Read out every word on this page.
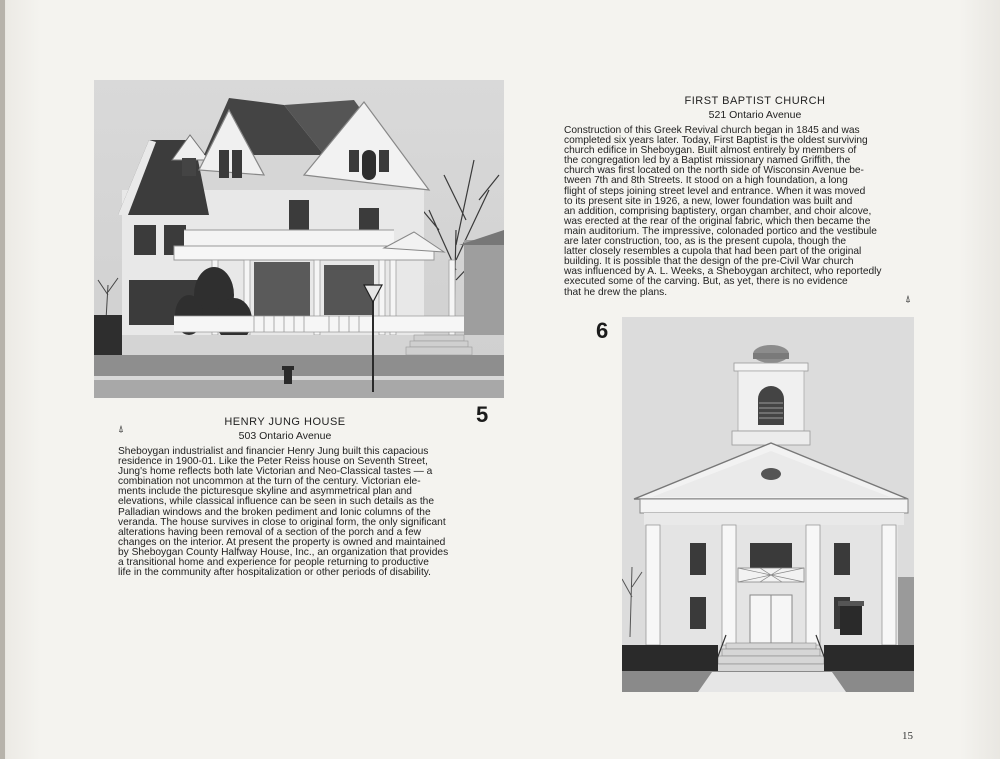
⍋
HENRY JUNG HOUSE
503 Ontario Avenue
5
Sheboygan industrialist and financier Henry Jung built this capacious
residence in 1900-01. Like the Peter Reiss house on Seventh Street,
Jung's home reflects both late Victorian and Neo-Classical tastes — a
combination not uncommon at the turn of the century. Victorian ele-
ments include the picturesque skyline and asymmetrical plan and
elevations, while classical influence can be seen in such details as the
Palladian windows and the broken pediment and Ionic columns of the
veranda. The house survives in close to original form, the only significant
alterations having been removal of a section of the porch and a few
changes on the interior. At present the property is owned and maintained
by Sheboygan County Halfway House, Inc., an organization that provides
a transitional home and experience for people returning to productive
life in the community after hospitalization or other periods of disability.
FIRST BAPTIST CHURCH
521 Ontario Avenue
Construction of this Greek Revival church began in 1845 and was
completed six years later. Today, First Baptist is the oldest surviving
church edifice in Sheboygan. Built almost entirely by members of
the congregation led by a Baptist missionary named Griffith, the
church was first located on the north side of Wisconsin Avenue be-
tween 7th and 8th Streets. It stood on a high foundation, a long
flight of steps joining street level and entrance. When it was moved
to its present site in 1926, a new, lower foundation was built and
an addition, comprising baptistery, organ chamber, and choir alcove,
was erected at the rear of the original fabric, which then became the
main auditorium. The impressive, colonaded portico and the vestibule
are later construction, too, as is the present cupola, though the
latter closely resembles a cupola that had been part of the original
building. It is possible that the design of the pre-Civil War church
was influenced by A. L. Weeks, a Sheboygan architect, who reportedly
executed some of the carving. But, as yet, there is no evidence
that he drew the plans.
⍋
6
15
